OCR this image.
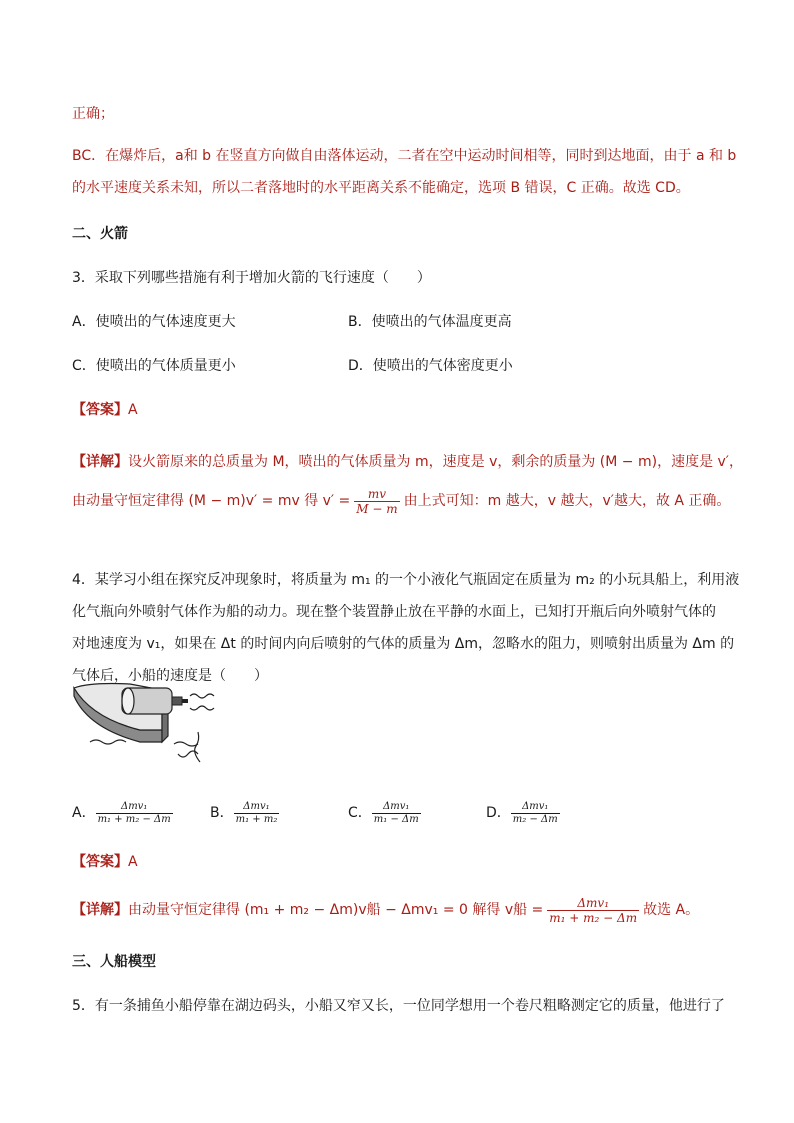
正确；
BC．在爆炸后，a和 b 在竖直方向做自由落体运动，二者在空中运动时间相等，同时到达地面，由于 a 和 b
的水平速度关系未知，所以二者落地时的水平距离关系不能确定，选项 B 错误，C 正确。故选 CD。
二、火箭
3．采取下列哪些措施有利于增加火箭的飞行速度（　　）
A．使喷出的气体速度更大	B．使喷出的气体温度更高
C．使喷出的气体质量更小	D．使喷出的气体密度更小
【答案】A
【详解】设火箭原来的总质量为 M，喷出的气体质量为 m，速度是 v，剩余的质量为 (M − m)，速度是 v′，
由动量守恒定律得 (M − m)v′ = mv 得 $v' = \frac{mv}{M - m}$ 由上式可知：m 越大，v 越大，v′越大，故 A 正确。
4．某学习小组在探究反冲现象时，将质量为 m₁ 的一个小液化气瓶固定在质量为 m₂ 的小玩具船上，利用液
化气瓶向外喷射气体作为船的动力。现在整个装置静止放在平静的水面上，已知打开瓶后向外喷射气体的
对地速度为 v₁，如果在 Δt 的时间内向后喷射的气体的质量为 Δm，忽略水的阻力，则喷射出质量为 Δm 的
气体后，小船的速度是（　　）
A． $\frac{\text{Δmv₁}}{\text{m₁ + m₂ − Δm}}$	B． $\frac{\text{Δmv₁}}{\text{m₁ + m₂}}$	C． $\frac{\text{Δmv₁}}{\text{m₁ − Δm}}$	D． $\frac{\text{Δmv₁}}{\text{m₂ − Δm}}$
【答案】A
【详解】 由动量守恒定律得 (m₁ + m₂ − Δm)v船 − Δmv₁ = 0 解得 v船 = $\frac{\text{Δmv₁}}{\text{m₁ + m₂ − Δm}}$ 故选 A。
三、人船模型
5．有一条捕鱼小船停靠在湖边码头，小船又窄又长，一位同学想用一个卷尺粗略测定它的质量，他进行了
